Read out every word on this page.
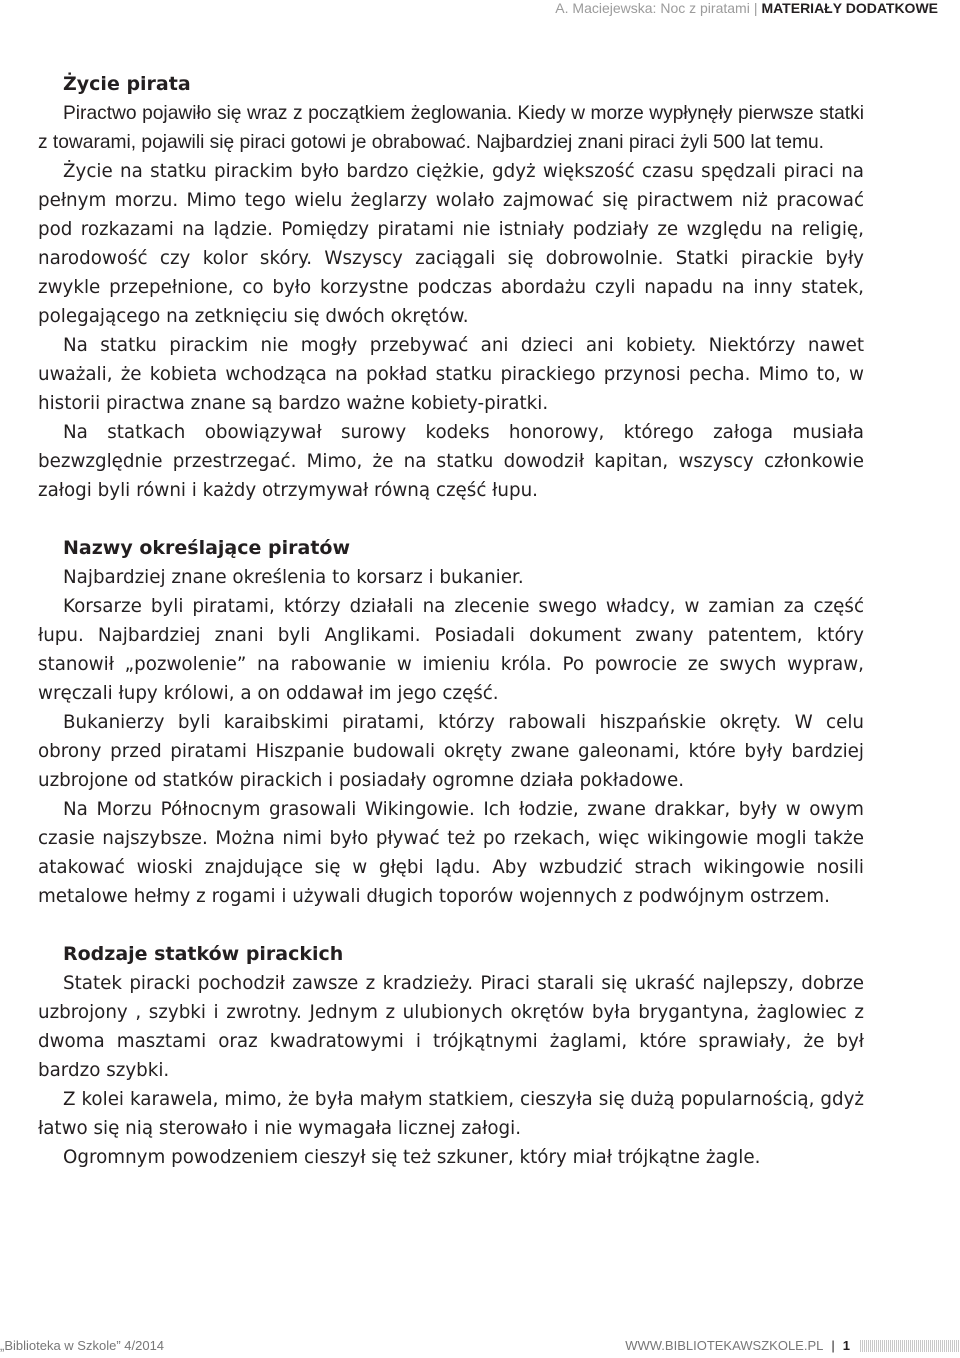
A. Maciejewska: Noc z piratami | MATERIAŁY DODATKOWE
Życie pirata

Piractwo pojawiło się wraz z początkiem żeglowania. Kiedy w morze wypłynęły pierwsze statki z towarami, pojawili się piraci gotowi je obrabować. Najbardziej znani piraci żyli 500 lat temu.

Życie na statku pirackim było bardzo ciężkie, gdyż większość czasu spędzali piraci na pełnym morzu. Mimo tego wielu żeglarzy wolało zajmować się piractwem niż pracować pod rozkazami na lądzie. Pomiędzy piratami nie istniały podziały ze względu na religię, narodowość czy kolor skóry. Wszyscy zaciągali się dobrowolnie. Statki pirackie były zwykle przepełnione, co było korzystne podczas abordażu czyli napadu na inny statek, polegającego na zetknięciu się dwóch okrętów.

Na statku pirackim nie mogły przebywać ani dzieci ani kobiety. Niektórzy nawet uważali, że kobieta wchodząca na pokład statku pirackiego przynosi pecha. Mimo to, w historii piractwa znane są bardzo ważne kobiety-piratki.

Na statkach obowiązywał surowy kodeks honorowy, którego załoga musiała bezwzględnie przestrzegać. Mimo, że na statku dowodził kapitan, wszyscy członkowie załogi byli równi i każdy otrzymywał równą część łupu.

Nazwy określające piratów

Najbardziej znane określenia to korsarz i bukanier.

Korsarze byli piratami, którzy działali na zlecenie swego władcy, w zamian za część łupu. Najbardziej znani byli Anglikami. Posiadali dokument zwany patentem, który stanowił „pozwolenie” na rabowanie w imieniu króla. Po powrocie ze swych wypraw, wręczali łupy królowi, a on oddawał im jego część.

Bukanierzy byli karaibskimi piratami, którzy rabowali hiszpańskie okręty. W celu obrony przed piratami Hiszpanie budowali okręty zwane galeonami, które były bardziej uzbrojone od statków pirackich i posiadały ogromne działa pokładowe.

Na Morzu Północnym grasowali Wikingowie. Ich łodzie, zwane drakkar, były w owym czasie najszybsze. Można nimi było pływać też po rzekach, więc wikingowie mogli także atakować wioski znajdujące się w głębi lądu. Aby wzbudzić strach wikingowie nosili metalowe hełmy z rogami i używali długich toporów wojennych z podwójnym ostrzem.

Rodzaje statków pirackich

Statek piracki pochodził zawsze z kradzieży. Piraci starali się ukraść najlepszy, dobrze uzbrojony , szybki i zwrotny. Jednym z ulubionych okrętów była brygantyna, żaglowiec z dwoma masztami oraz kwadratowymi i trójkątnymi żaglami, które sprawiały, że był bardzo szybki.

Z kolei karawela, mimo, że była małym statkiem, cieszyła się dużą popularnością, gdyż łatwo się nią sterowało i nie wymagała licznej załogi.

Ogromnym powodzeniem cieszył się też szkuner, który miał trójkątne żagle.

„Biblioteka w Szkole” 4/2014	WWW.BIBLIOTEKAWSZKOLE.PL | 1
